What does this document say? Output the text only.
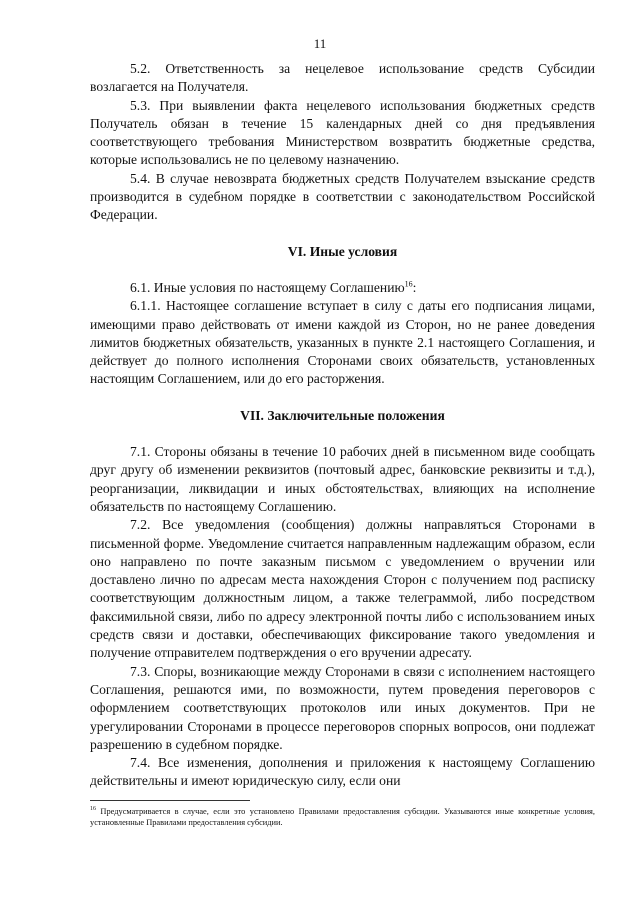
11

5.2. Ответственность за нецелевое использование средств Субсидии возлагается на Получателя.

5.3. При выявлении факта нецелевого использования бюджетных средств Получатель обязан в течение 15 календарных дней со дня предъявления соответствующего требования Министерством возвратить бюджетные средства, которые использовались не по целевому назначению.

5.4. В случае невозврата бюджетных средств Получателем взыскание средств производится в судебном порядке в соответствии с законодательством Российской Федерации.

VI. Иные условия

6.1. Иные условия по настоящему Соглашению$^{16}$:

6.1.1. Настоящее соглашение вступает в силу с даты его подписания лицами, имеющими право действовать от имени каждой из Сторон, но не ранее доведения лимитов бюджетных обязательств, указанных в пункте 2.1 настоящего Соглашения, и действует до полного исполнения Сторонами своих обязательств, установленных настоящим Соглашением, или до его расторжения.

VII. Заключительные положения

7.1. Стороны обязаны в течение 10 рабочих дней в письменном виде сообщать друг другу об изменении реквизитов (почтовый адрес, банковские реквизиты и т.д.), реорганизации, ликвидации и иных обстоятельствах, влияющих на исполнение обязательств по настоящему Соглашению.

7.2. Все уведомления (сообщения) должны направляться Сторонами в письменной форме. Уведомление считается направленным надлежащим образом, если оно направлено по почте заказным письмом с уведомлением о вручении или доставлено лично по адресам места нахождения Сторон с получением под расписку соответствующим должностным лицом, а также телеграммой, либо посредством факсимильной связи, либо по адресу электронной почты либо с использованием иных средств связи и доставки, обеспечивающих фиксирование такого уведомления и получение отправителем подтверждения о его вручении адресату.

7.3. Споры, возникающие между Сторонами в связи с исполнением настоящего Соглашения, решаются ими, по возможности, путем проведения переговоров с оформлением соответствующих протоколов или иных документов. При не урегулировании Сторонами в процессе переговоров спорных вопросов, они подлежат разрешению в судебном порядке.

7.4. Все изменения, дополнения и приложения к настоящему Соглашению действительны и имеют юридическую силу, если они

$^{16}$ Предусматривается в случае, если это установлено Правилами предоставления субсидии. Указываются иные конкретные условия, установленные Правилами предоставления субсидии.
